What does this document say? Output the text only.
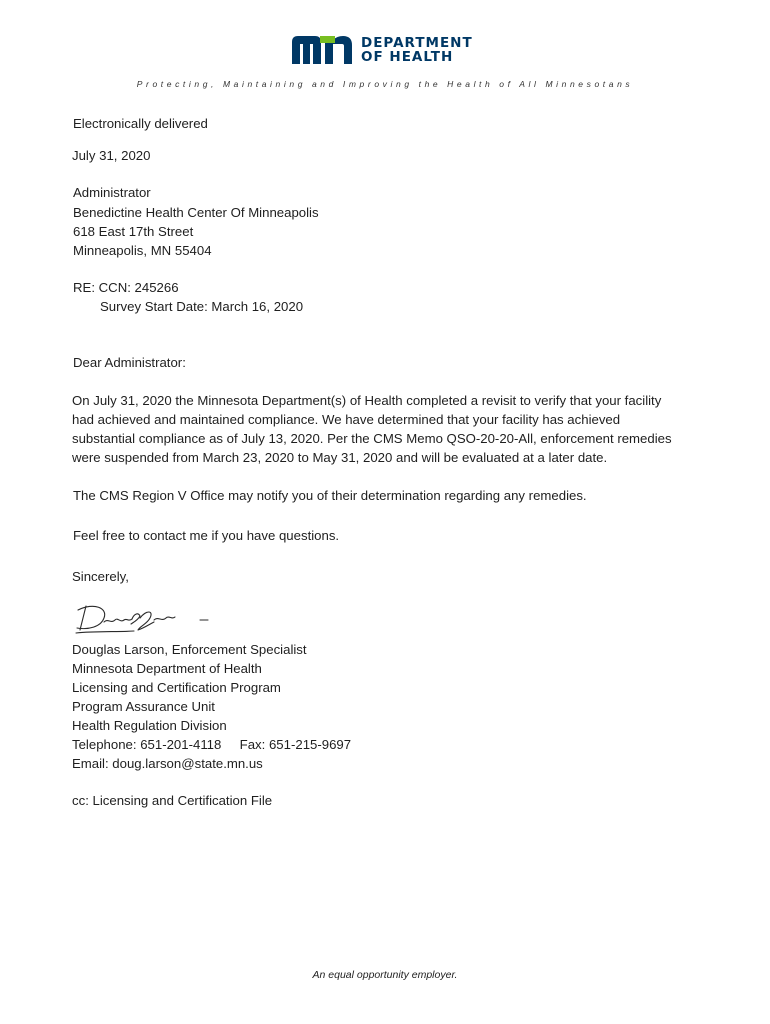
DEPARTMENT
OF HEALTH
Protecting, Maintaining and Improving the Health of All Minnesotans
Electronically delivered
July 31, 2020
Administrator
Benedictine Health Center Of Minneapolis
618 East 17th Street
Minneapolis, MN 55404
RE: CCN: 245266
Survey Start Date: March 16, 2020
Dear Administrator:
On July 31, 2020 the Minnesota Department(s) of Health completed a revisit to verify that your facility
had achieved and maintained compliance. We have determined that your facility has achieved
substantial compliance as of July 13, 2020. Per the CMS Memo QSO-20-20-All, enforcement remedies
were suspended from March 23, 2020 to May 31, 2020 and will be evaluated at a later date.
The CMS Region V Office may notify you of their determination regarding any remedies.
Feel free to contact me if you have questions.
Sincerely,
Douglas Larson, Enforcement Specialist
Minnesota Department of Health
Licensing and Certification Program
Program Assurance Unit
Health Regulation Division
Telephone: 651-201-4118     Fax: 651-215-9697
Email: doug.larson@state.mn.us
cc: Licensing and Certification File
An equal opportunity employer.
